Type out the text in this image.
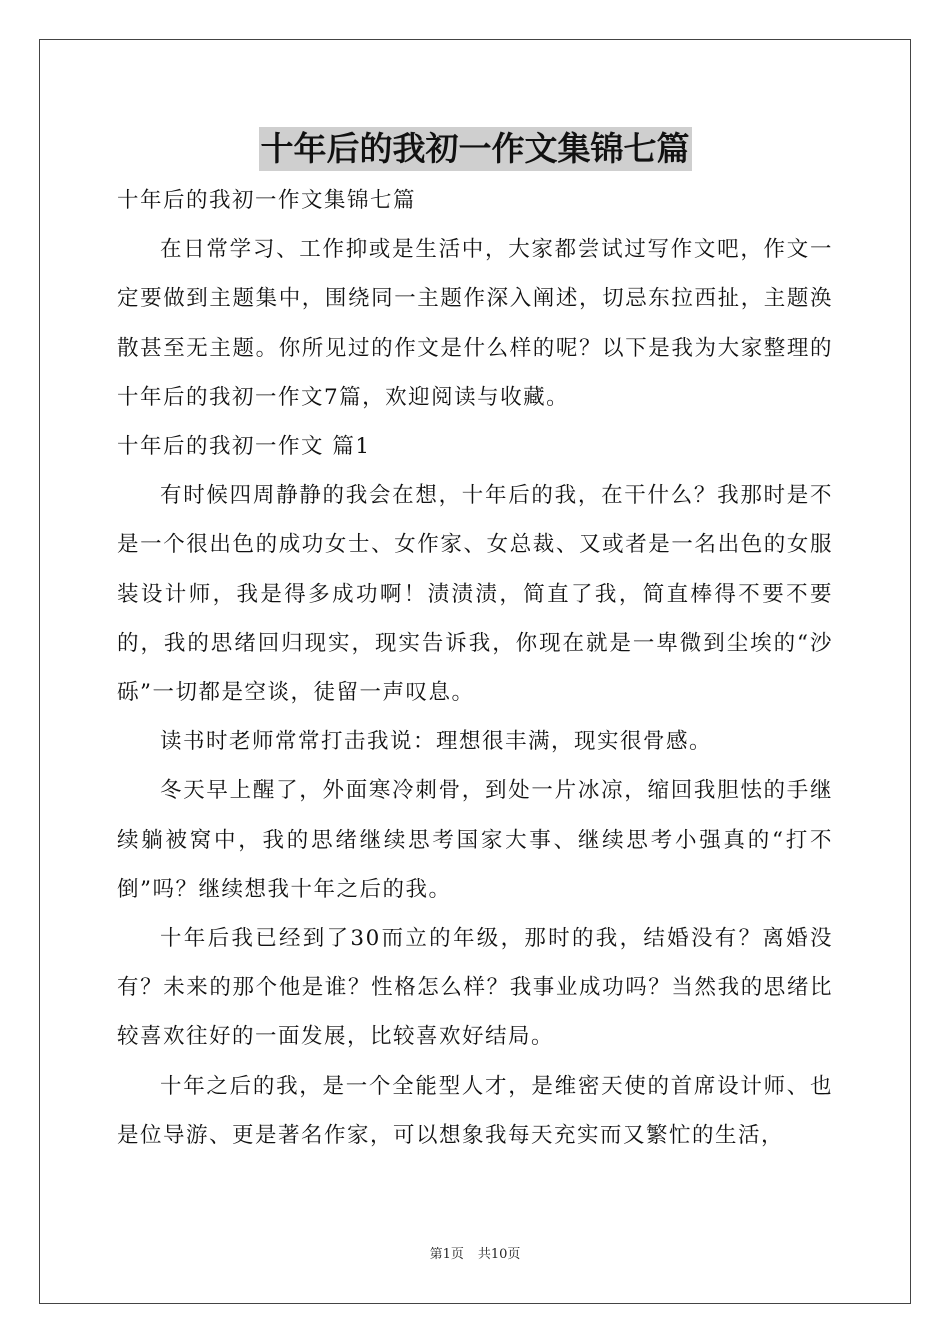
十年后的我初一作文集锦七篇

十年后的我初一作文集锦七篇

在日常学习、工作抑或是生活中，大家都尝试过写作文吧，作文一定要做到主题集中，围绕同一主题作深入阐述，切忌东拉西扯，主题涣散甚至无主题。你所见过的作文是什么样的呢？以下是我为大家整理的十年后的我初一作文7篇，欢迎阅读与收藏。

十年后的我初一作文 篇1

有时候四周静静的我会在想，十年后的我，在干什么？我那时是不是一个很出色的成功女士、女作家、女总裁、又或者是一名出色的女服装设计师，我是得多成功啊！渍渍渍，简直了我，简直棒得不要不要的，我的思绪回归现实，现实告诉我，你现在就是一卑微到尘埃的“沙砾”一切都是空谈，徒留一声叹息。

读书时老师常常打击我说：理想很丰满，现实很骨感。

冬天早上醒了，外面寒冷刺骨，到处一片冰凉，缩回我胆怯的手继续躺被窝中，我的思绪继续思考国家大事、继续思考小强真的“打不倒”吗？继续想我十年之后的我。

十年后我已经到了30而立的年级，那时的我，结婚没有？离婚没有？未来的那个他是谁？性格怎么样？我事业成功吗？当然我的思绪比较喜欢往好的一面发展，比较喜欢好结局。

十年之后的我，是一个全能型人才，是维密天使的首席设计师、也是位导游、更是著名作家，可以想象我每天充实而又繁忙的生活，

第1页 共10页
